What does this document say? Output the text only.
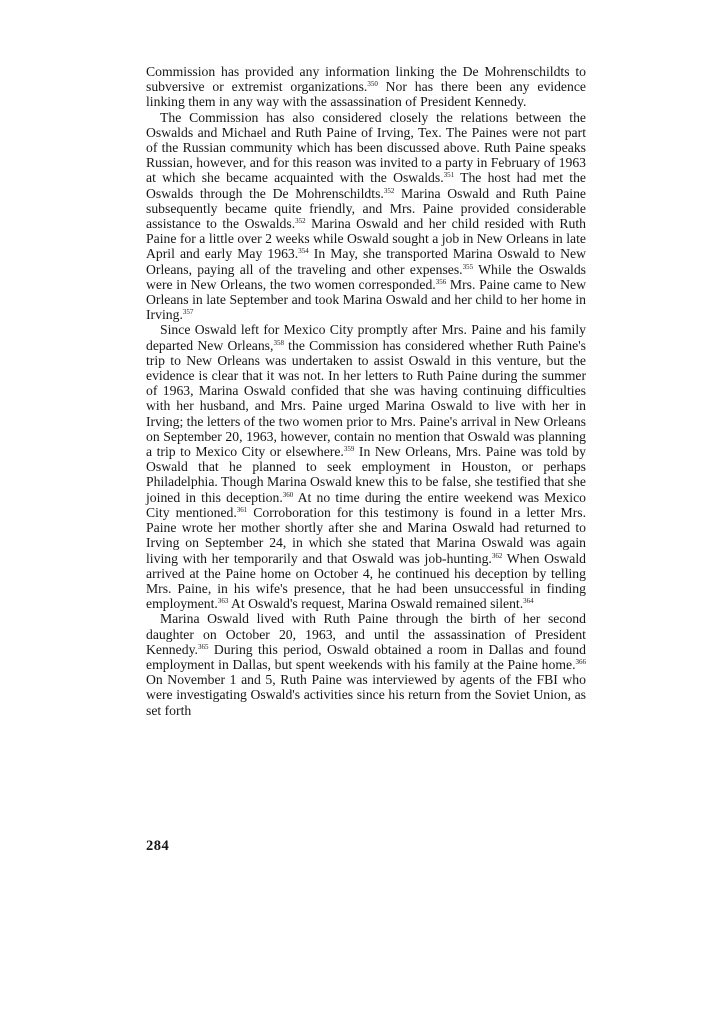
Commission has provided any information linking the De Mohrenschildts to subversive or extremist organizations.$^{350}$ Nor has there been any evidence linking them in any way with the assassination of President Kennedy.

The Commission has also considered closely the relations between the Oswalds and Michael and Ruth Paine of Irving, Tex. The Paines were not part of the Russian community which has been discussed above. Ruth Paine speaks Russian, however, and for this reason was invited to a party in February of 1963 at which she became acquainted with the Oswalds.$^{351}$ The host had met the Oswalds through the De Mohrenschildts.$^{352}$ Marina Oswald and Ruth Paine subsequently became quite friendly, and Mrs. Paine provided considerable assistance to the Oswalds.$^{352}$ Marina Oswald and her child resided with Ruth Paine for a little over 2 weeks while Oswald sought a job in New Orleans in late April and early May 1963.$^{354}$ In May, she transported Marina Oswald to New Orleans, paying all of the traveling and other expenses.$^{355}$ While the Oswalds were in New Orleans, the two women corresponded.$^{356}$ Mrs. Paine came to New Orleans in late September and took Marina Oswald and her child to her home in Irving.$^{357}$

Since Oswald left for Mexico City promptly after Mrs. Paine and his family departed New Orleans,$^{358}$ the Commission has considered whether Ruth Paine's trip to New Orleans was undertaken to assist Oswald in this venture, but the evidence is clear that it was not. In her letters to Ruth Paine during the summer of 1963, Marina Oswald confided that she was having continuing difficulties with her husband, and Mrs. Paine urged Marina Oswald to live with her in Irving; the letters of the two women prior to Mrs. Paine's arrival in New Orleans on September 20, 1963, however, contain no mention that Oswald was planning a trip to Mexico City or elsewhere.$^{359}$ In New Orleans, Mrs. Paine was told by Oswald that he planned to seek employment in Houston, or perhaps Philadelphia. Though Marina Oswald knew this to be false, she testified that she joined in this deception.$^{360}$ At no time during the entire weekend was Mexico City mentioned.$^{361}$ Corroboration for this testimony is found in a letter Mrs. Paine wrote her mother shortly after she and Marina Oswald had returned to Irving on September 24, in which she stated that Marina Oswald was again living with her temporarily and that Oswald was job-hunting.$^{362}$ When Oswald arrived at the Paine home on October 4, he continued his deception by telling Mrs. Paine, in his wife's presence, that he had been unsuccessful in finding employment.$^{363}$ At Oswald's request, Marina Oswald remained silent.$^{364}$

Marina Oswald lived with Ruth Paine through the birth of her second daughter on October 20, 1963, and until the assassination of President Kennedy.$^{365}$ During this period, Oswald obtained a room in Dallas and found employment in Dallas, but spent weekends with his family at the Paine home.$^{366}$ On November 1 and 5, Ruth Paine was interviewed by agents of the FBI who were investigating Oswald's activities since his return from the Soviet Union, as set forth

284
